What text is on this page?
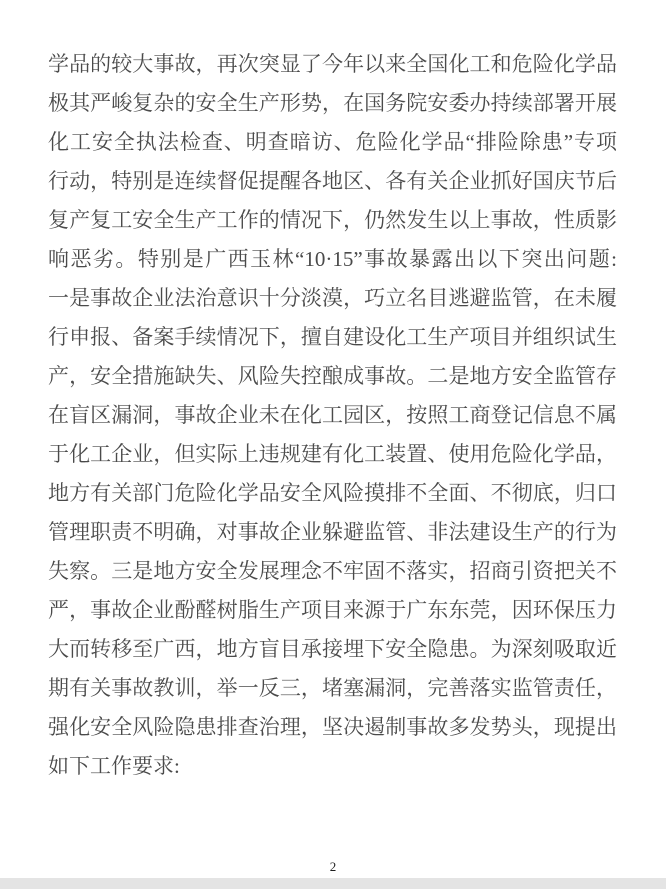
学品的较大事故，再次突显了今年以来全国化工和危险化学品
极其严峻复杂的安全生产形势，在国务院安委办持续部署开展
化工安全执法检查、明查暗访、危险化学品“排险除患”专项
行动，特别是连续督促提醒各地区、各有关企业抓好国庆节后
复产复工安全生产工作的情况下，仍然发生以上事故，性质影
响恶劣。特别是广西玉林“10·15”事故暴露出以下突出问题:
一是事故企业法治意识十分淡漠，巧立名目逃避监管，在未履
行申报、备案手续情况下，擅自建设化工生产项目并组织试生
产，安全措施缺失、风险失控酿成事故。二是地方安全监管存
在盲区漏洞，事故企业未在化工园区，按照工商登记信息不属
于化工企业，但实际上违规建有化工装置、使用危险化学品，
地方有关部门危险化学品安全风险摸排不全面、不彻底，归口
管理职责不明确，对事故企业躲避监管、非法建设生产的行为
失察。三是地方安全发展理念不牢固不落实，招商引资把关不
严，事故企业酚醛树脂生产项目来源于广东东莞，因环保压力
大而转移至广西，地方盲目承接埋下安全隐患。为深刻吸取近
期有关事故教训，举一反三，堵塞漏洞，完善落实监管责任，
强化安全风险隐患排查治理，坚决遏制事故多发势头，现提出
如下工作要求:
2
